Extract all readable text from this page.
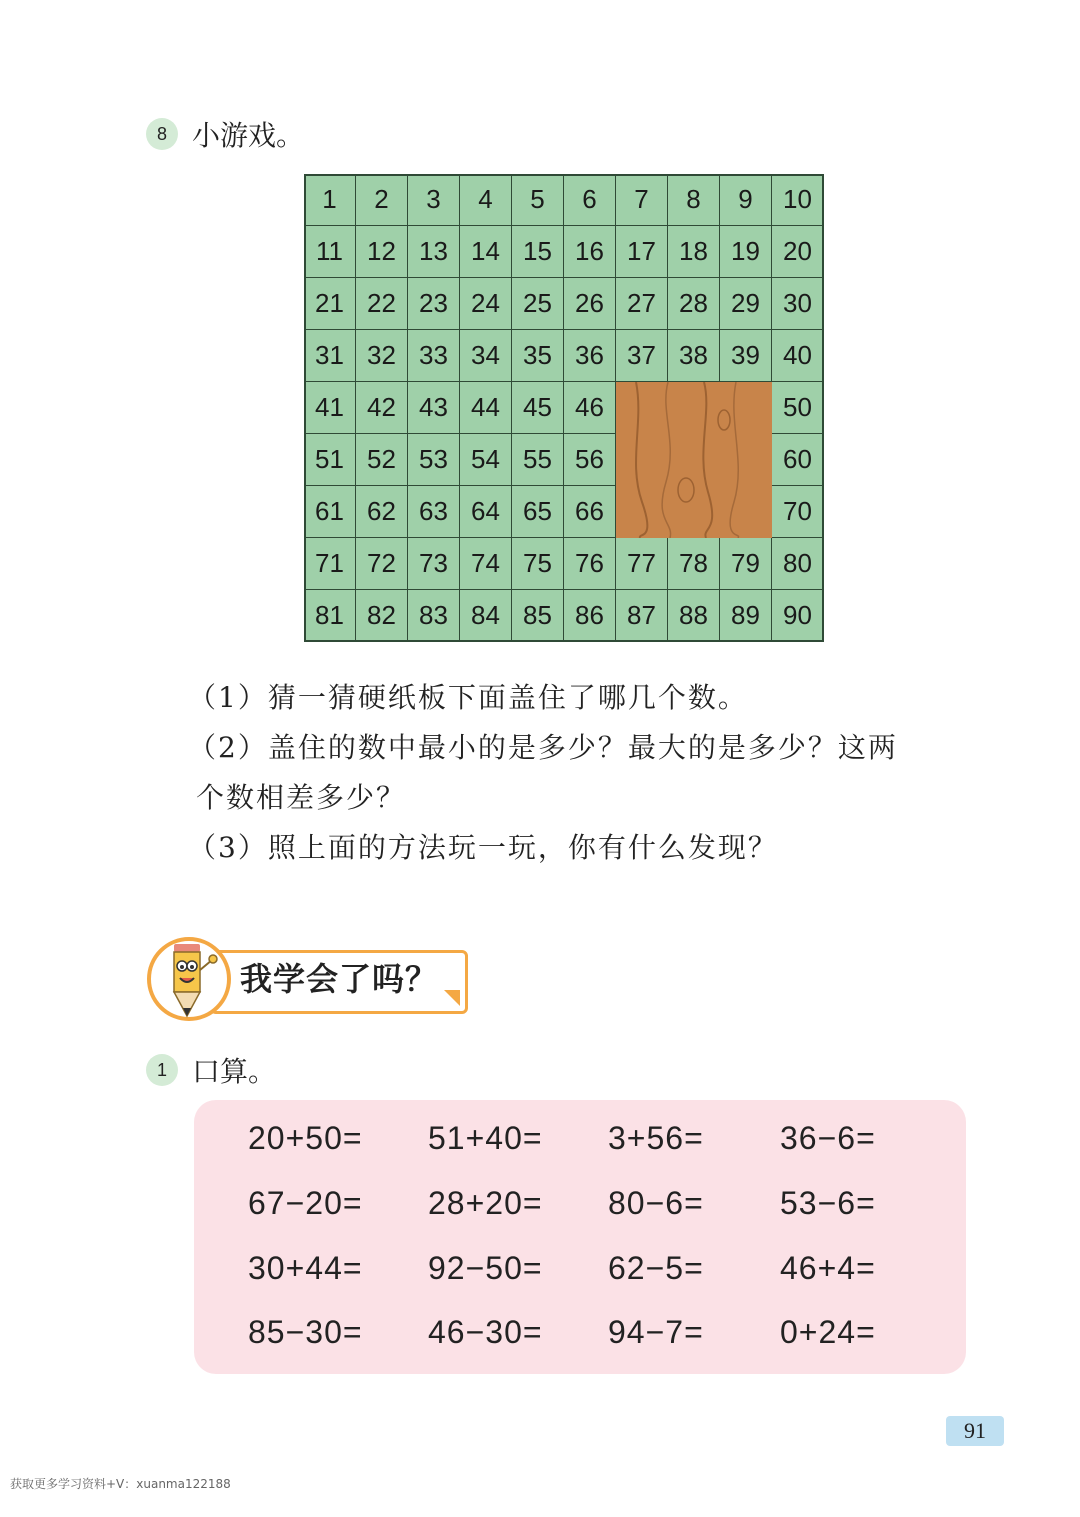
8 小游戏。
1	2	3	4	5	6	7	8	9	10
11 12 13 14 15 16 17 18 19 20
21 22 23 24 25 26 27 28 29 30
31 32 33 34 35 36 37 38 39 40
41 42 43 44 45 46	50
51 52 53 54 55 56	60
61 62 63 64 65 66	70
71 72 73 74 75 76 77 78 79 80
81 82 83 84 85 86 87 88 89 90
（1）猜一猜硬纸板下面盖住了哪几个数。
（2）盖住的数中最小的是多少？最大的是多少？这两
个数相差多少？
（3）照上面的方法玩一玩，你有什么发现？
我学会了吗？
1 口算。
20+50= 51+40= 3+56= 36−6=
67−20= 28+20= 80−6= 53−6=
30+44= 92−50= 62−5= 46+4=
85−30= 46−30= 94−7= 0+24=
91
获取更多学习资料+V：xuanma122188
